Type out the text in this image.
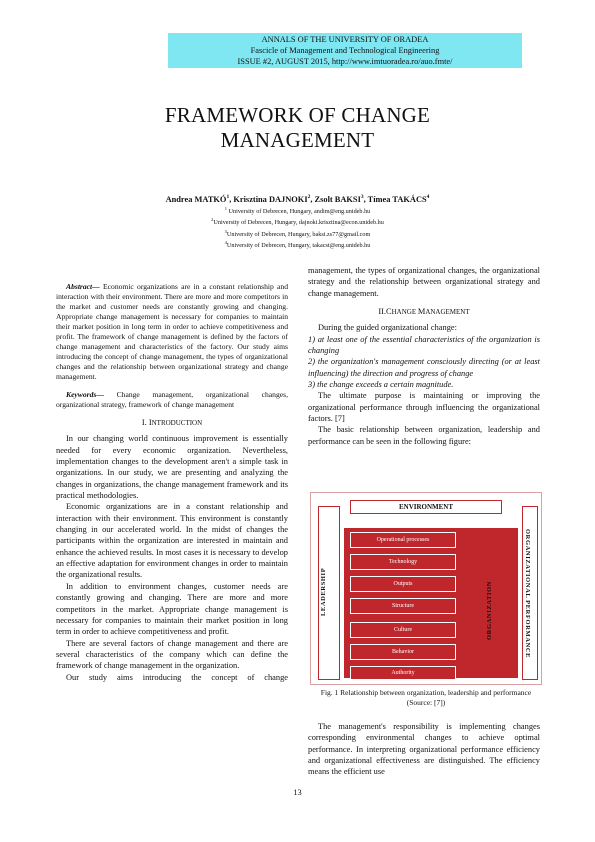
ANNALS OF THE UNIVERSITY OF ORADEA
Fascicle of Management and Technological Engineering
ISSUE #2, AUGUST 2015, http://www.imtuoradea.ro/auo.fmte/
FRAMEWORK OF CHANGE
MANAGEMENT
Andrea MATKÓ$^1$, Krisztina DAJNOKI$^2$, Zsolt BAKSI$^3$, Tímea TAKÁCS$^4$
$^1$ University of Debrecen, Hungary, andim@eng.unideb.hu
$^2$University of Debrecen, Hungary, dajnoki.krisztina@econ.unideb.hu
$^3$University of Debrecen, Hungary, baksi.zs77@gmail.com
$^4$University of Debrecen, Hungary, takacst@eng.unideb.hu

Abstract— Economic organizations are in a constant relationship and interaction with their environment. There are more and more competitors in the market and customer needs are constantly growing and changing. Appropriate change management is necessary for companies to maintain their market position in long term in order to achieve competitiveness and profit. The framework of change management is defined by the factors of change management and characteristics of the factory. Our study aims introducing the concept of change management, the types of organizational changes and the relationship between organizational strategy and change management.

Keywords— Change management, organizational changes, organizational strategy, framework of change management

I. INTRODUCTION

In our changing world continuous improvement is essentially needed for every economic organization. Nevertheless, implementation changes to the development aren't a simple task in organizations. In our study, we are presenting and analyzing the changes in organizations, the change management framework and its practical methodologies.

Economic organizations are in a constant relationship and interaction with their environment. This environment is constantly changing in our accelerated world. In the midst of changes the participants within the organization are interested in maintain and enhance the achieved results. In most cases it is necessary to develop an effective adaptation for environment changes in order to maintain the organizational results.

In addition to environment changes, customer needs are constantly growing and changing. There are more and more competitors in the market. Appropriate change management is necessary for companies to maintain their market position in long term in order to achieve competitiveness and profit.

There are several factors of change management and there are several characteristics of the company which can define the framework of change management in the organization.

Our study aims introducing the concept of change

management, the types of organizational changes, the organizational strategy and the relationship between organizational strategy and change management.

II.CHANGE MANAGEMENT

During the guided organizational change:

1) at least one of the essential characteristics of the organization is changing

2) the organization's management consciously directing (or at least influencing) the direction and progress of change

3) the change exceeds a certain magnitude.

The ultimate purpose is maintaining or improving the organizational performance through influencing the organizational factors. [7]

The basic relationship between organization, leadership and performance can be seen in the following figure:

ENVIRONMENT
LEADERSHIP	ORGANIZATIONAL PERFORMANCE
ORGANIZATION
Operational processes
Technology
Outputs
Structure
Culture
Behavior
Authority
Fig. 1 Relationship between organization, leadership and performance
(Source: [7])

The management's responsibility is implementing changes corresponding environmental changes to achieve optimal performance. In interpreting organizational performance efficiency and organizational effectiveness are distinguished. The efficiency means the efficient use

13
